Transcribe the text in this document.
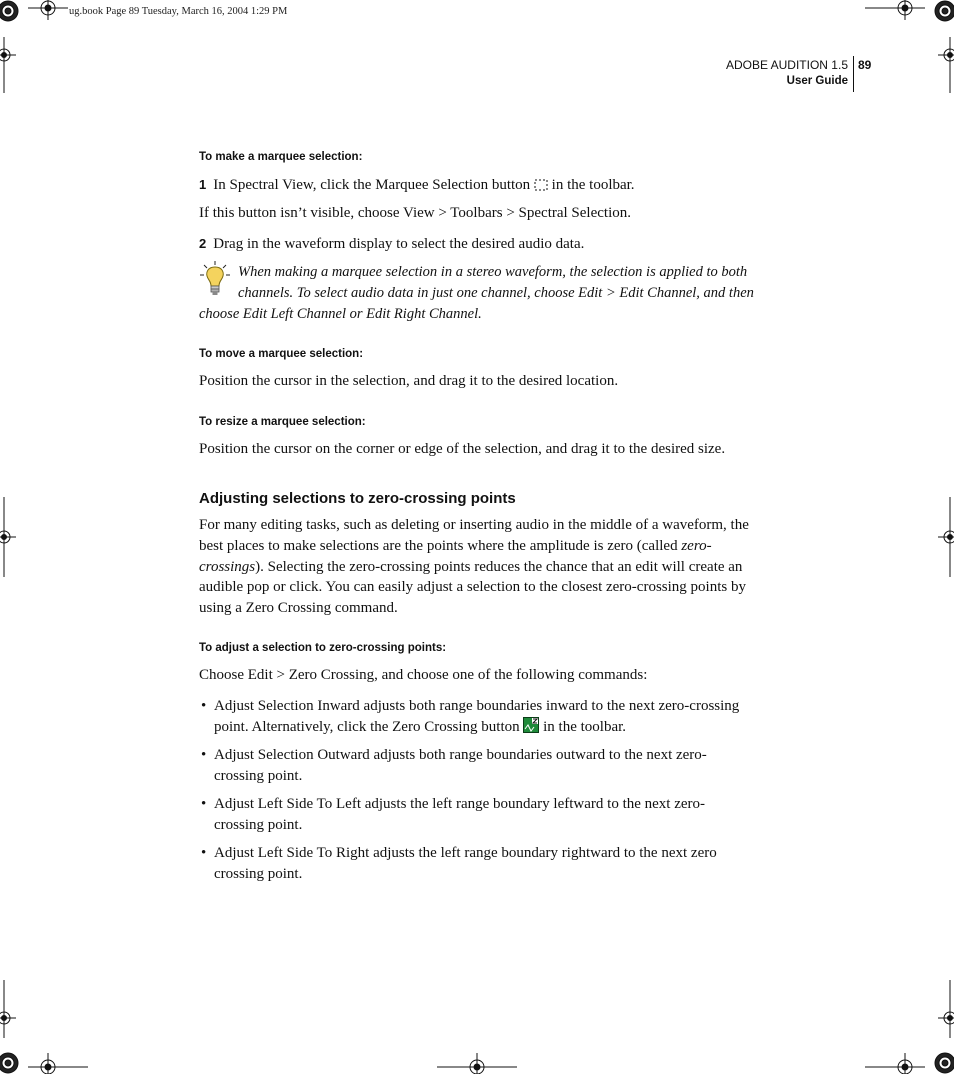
ug.book Page 89 Tuesday, March 16, 2004 1:29 PM
ADOBE AUDITION 1.5
User Guide
89
To make a marquee selection:
1 In Spectral View, click the Marquee Selection button in the toolbar.
If this button isn’t visible, choose View > Toolbars > Spectral Selection.
2 Drag in the waveform display to select the desired audio data.
When making a marquee selection in a stereo waveform, the selection is applied to both channels. To select audio data in just one channel, choose Edit > Edit Channel, and then choose Edit Left Channel or Edit Right Channel.
To move a marquee selection:
Position the cursor in the selection, and drag it to the desired location.
To resize a marquee selection:
Position the cursor on the corner or edge of the selection, and drag it to the desired size.
Adjusting selections to zero-crossing points
For many editing tasks, such as deleting or inserting audio in the middle of a waveform, the best places to make selections are the points where the amplitude is zero (called zero-crossings). Selecting the zero-crossing points reduces the chance that an edit will create an audible pop or click. You can easily adjust a selection to the closest zero-crossing points by using a Zero Crossing command.
To adjust a selection to zero-crossing points:
Choose Edit > Zero Crossing, and choose one of the following commands:
• Adjust Selection Inward adjusts both range boundaries inward to the next zero-crossing point. Alternatively, click the Zero Crossing button in the toolbar.
• Adjust Selection Outward adjusts both range boundaries outward to the next zero-crossing point.
• Adjust Left Side To Left adjusts the left range boundary leftward to the next zero-crossing point.
• Adjust Left Side To Right adjusts the left range boundary rightward to the next zero crossing point.
